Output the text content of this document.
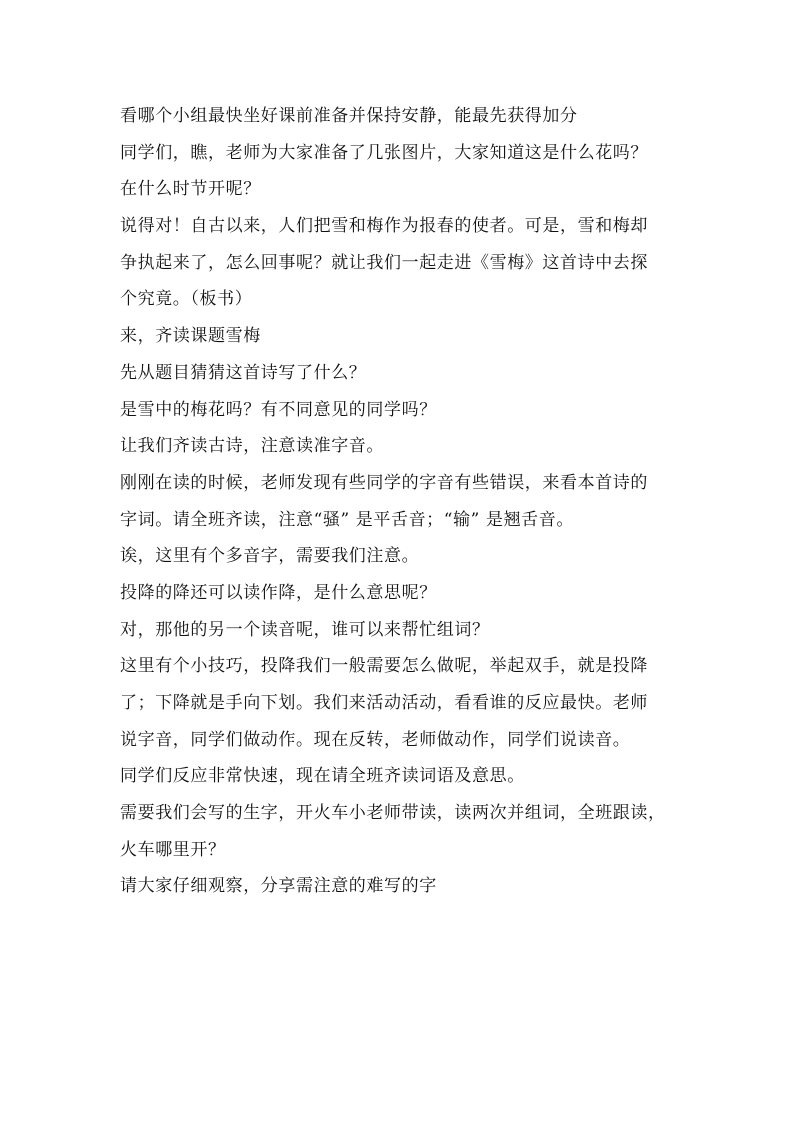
看哪个小组最快坐好课前准备并保持安静，能最先获得加分
同学们，瞧，老师为大家准备了几张图片，大家知道这是什么花吗？
在什么时节开呢？
说得对！自古以来，人们把雪和梅作为报春的使者。可是，雪和梅却
争执起来了，怎么回事呢？就让我们一起走进《雪梅》这首诗中去探
个究竟。（板书）
来，齐读课题雪梅
先从题目猜猜这首诗写了什么？
是雪中的梅花吗？有不同意见的同学吗？
让我们齐读古诗，注意读准字音。
刚刚在读的时候，老师发现有些同学的字音有些错误，来看本首诗的
字词。请全班齐读，注意“骚” 是平舌音；“输” 是翘舌音。
诶，这里有个多音字，需要我们注意。
投降的降还可以读作降，是什么意思呢？
对，那他的另一个读音呢，谁可以来帮忙组词？
这里有个小技巧，投降我们一般需要怎么做呢，举起双手，就是投降
了；下降就是手向下划。我们来活动活动，看看谁的反应最快。老师
说字音，同学们做动作。现在反转，老师做动作，同学们说读音。
同学们反应非常快速，现在请全班齐读词语及意思。
需要我们会写的生字，开火车小老师带读，读两次并组词，全班跟读，
火车哪里开？
请大家仔细观察，分享需注意的难写的字
